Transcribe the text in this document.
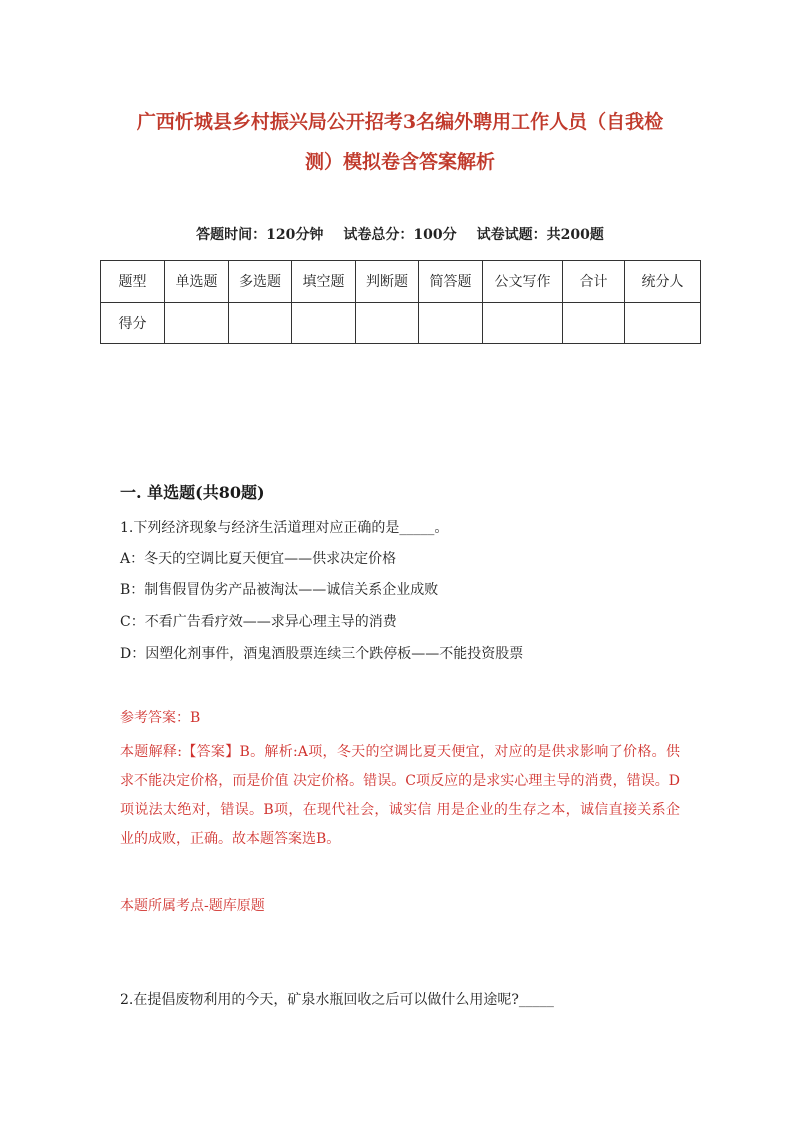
广西忻城县乡村振兴局公开招考3名编外聘用工作人员（自我检
测）模拟卷含答案解析
答题时间：120分钟 试卷总分：100分 试卷试题：共200题
题型	单选题	多选题	填空题	判断题	简答题	公文写作	合计	统分人
得分								
一. 单选题(共80题)
1.下列经济现象与经济生活道理对应正确的是_____。
A：冬天的空调比夏天便宜——供求决定价格
B：制售假冒伪劣产品被淘汰——诚信关系企业成败
C：不看广告看疗效——求异心理主导的消费
D：因塑化剂事件，酒鬼酒股票连续三个跌停板——不能投资股票
参考答案：B
本题解释:【答案】B。解析:A项，冬天的空调比夏天便宜，对应的是供求影响了价格。供求不能决定价格，而是价值 决定价格。错误。C项反应的是求实心理主导的消费，错误。D项说法太绝对，错误。B项，在现代社会，诚实信 用是企业的生存之本，诚信直接关系企业的成败，正确。故本题答案选B。
本题所属考点-题库原题
2.在提倡废物利用的今天，矿泉水瓶回收之后可以做什么用途呢?_____
